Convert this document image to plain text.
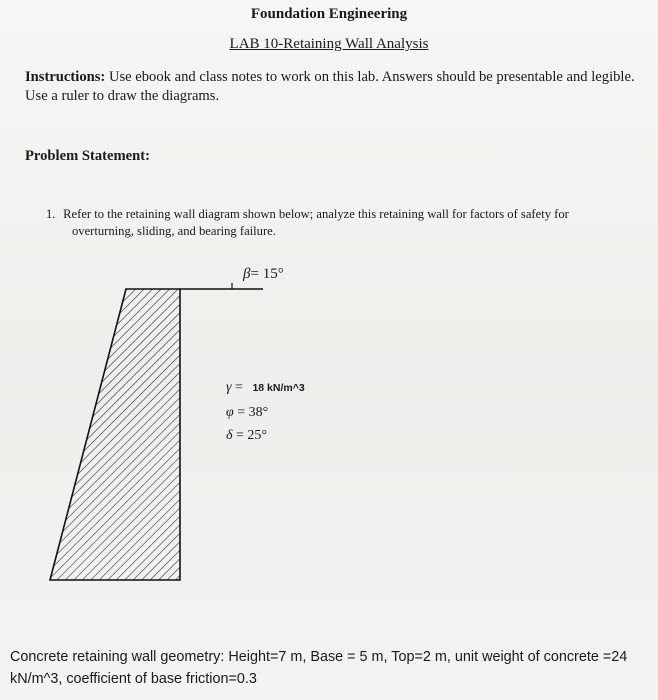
Foundation Engineering
LAB 10-Retaining Wall Analysis
Instructions: Use ebook and class notes to work on this lab. Answers should be presentable and legible. Use a ruler to draw the diagrams.
Problem Statement:
1. Refer to the retaining wall diagram shown below; analyze this retaining wall for factors of safety for
overturning, sliding, and bearing failure.
β= 15°
γ = 18 kN/m^3
φ = 38°
δ = 25°
Concrete retaining wall geometry: Height=7 m, Base = 5 m, Top=2 m, unit weight of concrete =24
kN/m^3, coefficient of base friction=0.3
